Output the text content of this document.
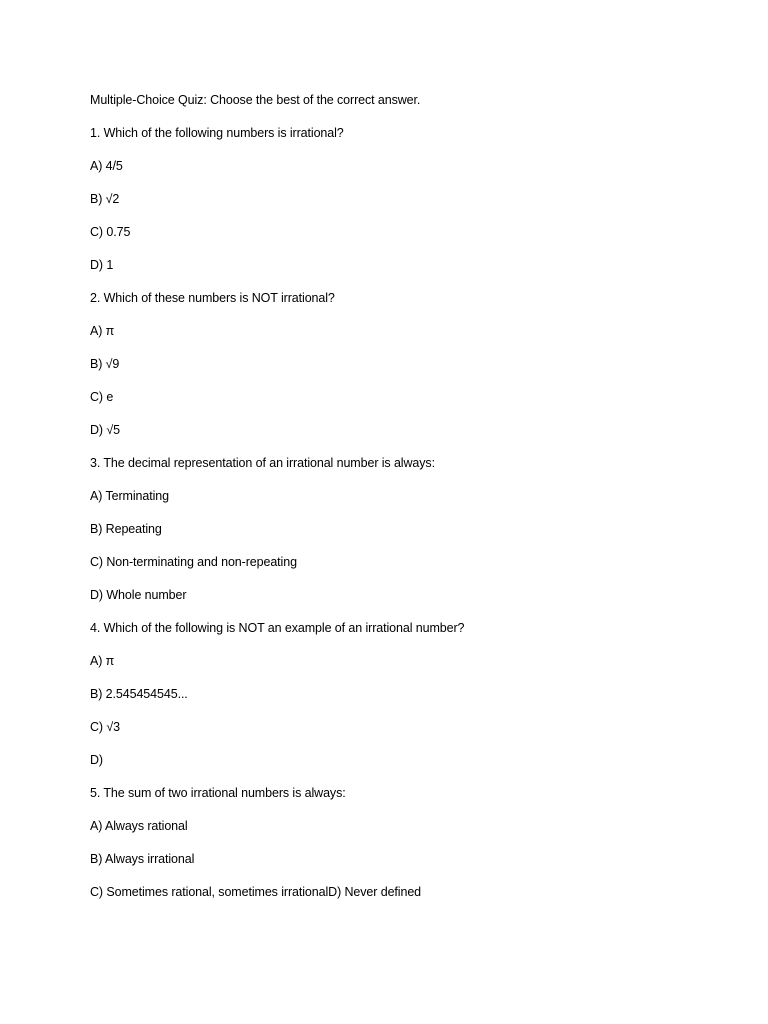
Multiple-Choice Quiz: Choose the best of the correct answer.

1. Which of the following numbers is irrational?

A) 4/5

B) √2

C) 0.75

D) 1

2. Which of these numbers is NOT irrational?

A) π

B) √9

C) e

D) √5

3. The decimal representation of an irrational number is always:

A) Terminating

B) Repeating

C) Non-terminating and non-repeating

D) Whole number

4. Which of the following is NOT an example of an irrational number?

A) π

B) 2.545454545...

C) √3

D)

5. The sum of two irrational numbers is always:

A) Always rational

B) Always irrational

C) Sometimes rational, sometimes irrationalD) Never defined
